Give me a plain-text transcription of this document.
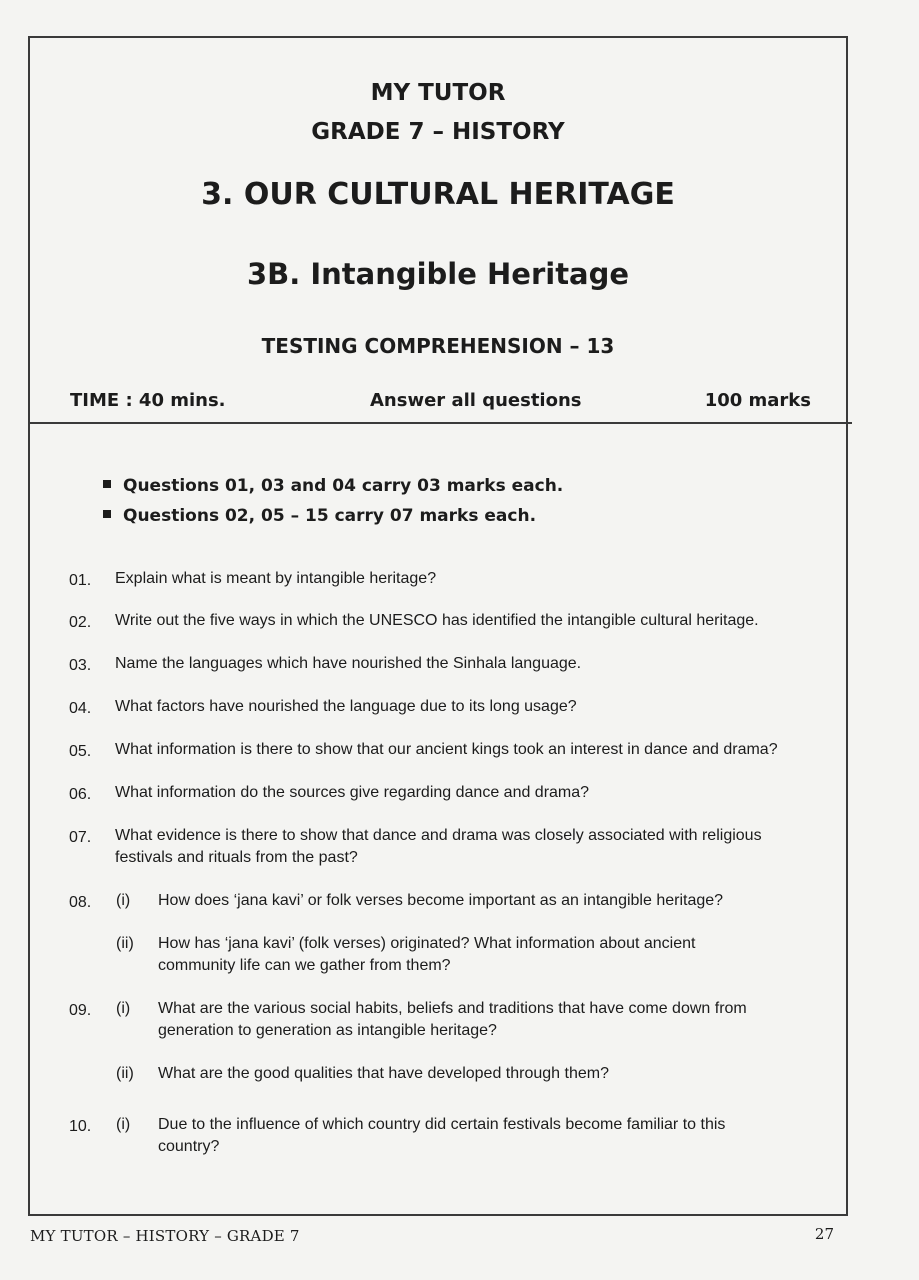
MY TUTOR
GRADE 7 – HISTORY
3. OUR CULTURAL HERITAGE
3B. Intangible Heritage
TESTING COMPREHENSION – 13
TIME : 40 mins.	Answer all questions	100 marks
Questions 01, 03 and 04 carry 03 marks each.
Questions 02, 05 – 15 carry 07 marks each.
01. Explain what is meant by intangible heritage?
02. Write out the five ways in which the UNESCO has identified the intangible cultural heritage.
03. Name the languages which have nourished the Sinhala language.
04. What factors have nourished the language due to its long usage?
05. What information is there to show that our ancient kings took an interest in dance and drama?
06. What information do the sources give regarding dance and drama?
07. What evidence is there to show that dance and drama was closely associated with religious festivals and rituals from the past?
08. (i) How does ‘jana kavi’ or folk verses become important as an intangible heritage?
(ii) How has ‘jana kavi’ (folk verses) originated? What information about ancient community life can we gather from them?
09. (i) What are the various social habits, beliefs and traditions that have come down from generation to generation as intangible heritage?
(ii) What are the good qualities that have developed through them?
10. (i) Due to the influence of which country did certain festivals become familiar to this country?
MY TUTOR – HISTORY – GRADE 7	27
